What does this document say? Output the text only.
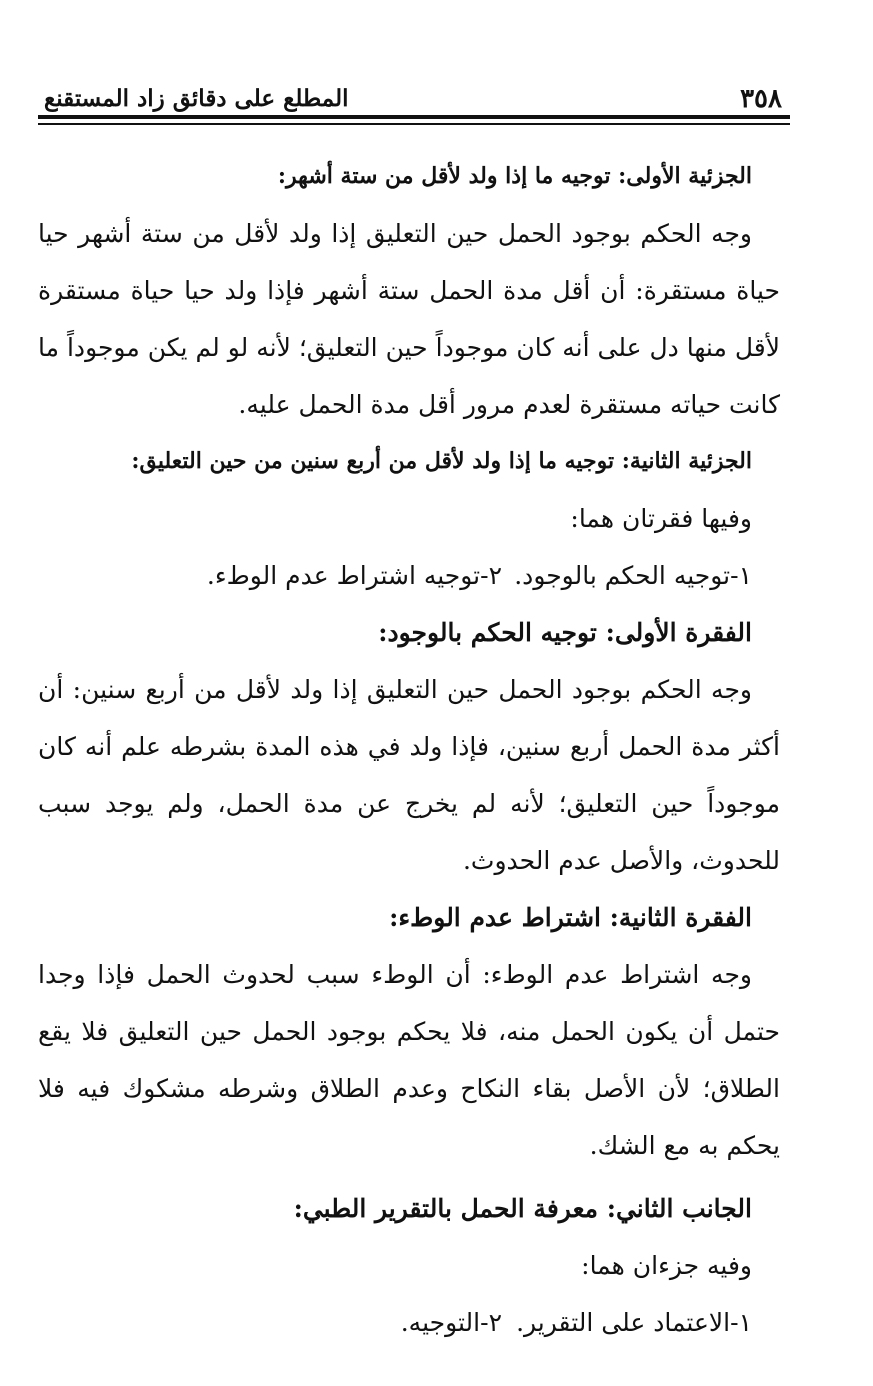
٣٥٨
المطلع على دقائق زاد المستقنع
الجزئية الأولى: توجيه ما إذا ولد لأقل من ستة أشهر:

وجه الحكم بوجود الحمل حين التعليق إذا ولد لأقل من ستة أشهر حيا حياة مستقرة: أن أقل مدة الحمل ستة أشهر فإذا ولد حيا حياة مستقرة لأقل منها دل على أنه كان موجوداً حين التعليق؛ لأنه لو لم يكن موجوداً ما كانت حياته مستقرة لعدم مرور أقل مدة الحمل عليه.

الجزئية الثانية: توجيه ما إذا ولد لأقل من أربع سنين من حين التعليق:

وفيها فقرتان هما:

١-توجيه الحكم بالوجود.
٢-توجيه اشتراط عدم الوطء.
الفقرة الأولى: توجيه الحكم بالوجود:

وجه الحكم بوجود الحمل حين التعليق إذا ولد لأقل من أربع سنين: أن أكثر مدة الحمل أربع سنين، فإذا ولد في هذه المدة بشرطه علم أنه كان موجوداً حين التعليق؛ لأنه لم يخرج عن مدة الحمل، ولم يوجد سبب للحدوث، والأصل عدم الحدوث.

الفقرة الثانية: اشتراط عدم الوطء:

وجه اشتراط عدم الوطء: أن الوطء سبب لحدوث الحمل فإذا وجدا حتمل أن يكون الحمل منه، فلا يحكم بوجود الحمل حين التعليق فلا يقع الطلاق؛ لأن الأصل بقاء النكاح وعدم الطلاق وشرطه مشكوك فيه فلا يحكم به مع الشك.

الجانب الثاني: معرفة الحمل بالتقرير الطبي:

وفيه جزءان هما:

١-الاعتماد على التقرير.
٢-التوجيه.
